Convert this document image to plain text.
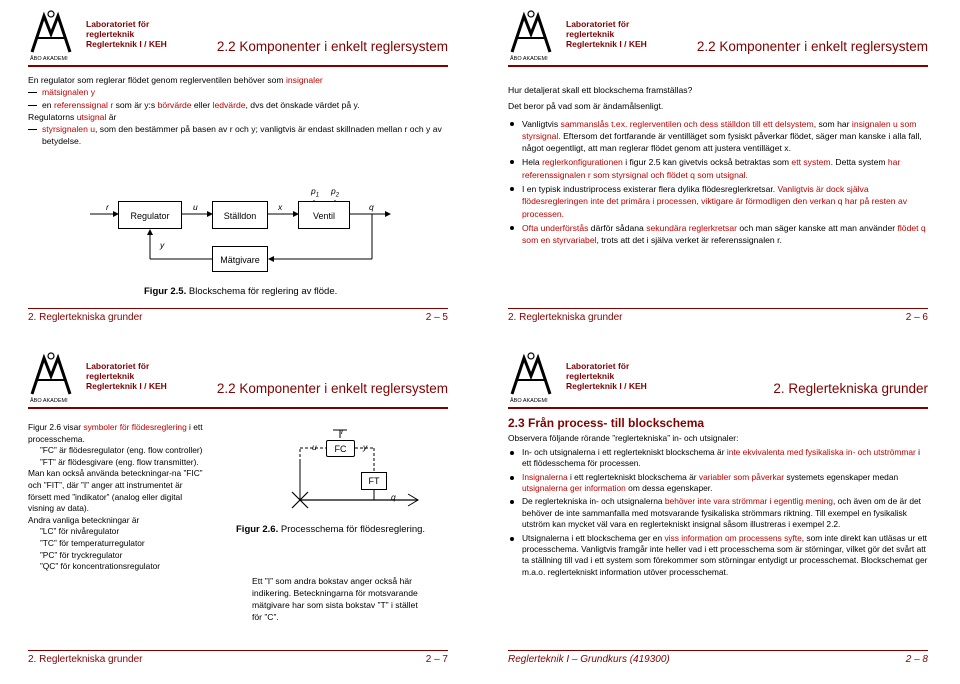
ÅBO AKADEMI
Laboratoriet för
reglerteknik
Reglerteknik I / KEH	2.2 Komponenter i enkelt reglersystem
En regulator som reglerar flödet genom reglerventilen behöver som insignaler
mätsignalen y
en referenssignal r som är y:s börvärde eller ledvärde, dvs det önskade värdet på y.
Regulatorns utsignal är
styrsignalen u, som den bestämmer på basen av r och y; vanligtvis är endast skillnaden mellan r och y av betydelse.
Regulator	Ställdon	Ventil
Mätgivare
r	u	x	q
y
$p_1$ $p_2$
Figur 2.5. Blockschema för reglering av flöde.
2. Reglertekniska grunder	2 – 5
ÅBO AKADEMI
Laboratoriet för
reglerteknik
Reglerteknik I / KEH	2.2 Komponenter i enkelt reglersystem
Hur detaljerat skall ett blockschema framställas?
Det beror på vad som är ändamålsenligt.
Vanligtvis sammanslås t.ex. reglerventilen och dess ställdon till ett delsystem, som har insignalen u som styrsignal. Eftersom det fortfarande är ventilläget som fysiskt påverkar flödet, säger man kanske i alla fall, något oegentligt, att man reglerar flödet genom att justera ventilläget x.
Hela reglerkonfigurationen i figur 2.5 kan givetvis också betraktas som ett system. Detta system har referenssignalen r som styrsignal och flödet q som utsignal.
I en typisk industriprocess existerar flera dylika flödesreglerkretsar. Vanligtvis är dock själva flödesregleringen inte det primära i processen, viktigare är förmodligen den verkan q har på resten av processen.
Ofta underförstås därför sådana sekundära reglerkretsar och man säger kanske att man använder flödet q som en styrvariabel, trots att det i själva verket är referenssignalen r.
2. Reglertekniska grunder	2 – 6
ÅBO AKADEMI
Laboratoriet för
reglerteknik
Reglerteknik I / KEH	2.2 Komponenter i enkelt reglersystem
Figur 2.6 visar symboler för flödesreglering i ett processchema.
”FC” är flödesregulator (eng. flow controller)
”FT” är flödesgivare (eng. flow transmitter).
Man kan också använda beteckningar-na ”FIC” och ”FIT”, där ”I” anger att instrumentet är försett med ”indikator” (analog eller digital visning av data).
Andra vanliga beteckningar är
”LC” för nivåregulator
”TC” för temperaturregulator
”PC” för tryckregulator
”QC” för koncentrationsregulator
FC
FT
u
r
y
q
Figur 2.6. Processchema för flödesreglering.
Ett ”I” som andra bokstav anger också här indikering. Beteckningarna för motsvarande mätgivare har som sista bokstav ”T” i stället för ”C”.
2. Reglertekniska grunder	2 – 7
ÅBO AKADEMI
Laboratoriet för
reglerteknik
Reglerteknik I / KEH	2. Reglertekniska grunder
2.3 Från process- till blockschema
Observera följande rörande ”reglertekniska” in- och utsignaler:
In- och utsignalerna i ett reglertekniskt blockschema är inte ekvivalenta med fysikaliska in- och utströmmar i ett flödesschema för processen.
Insignalerna i ett reglertekniskt blockschema är variabler som påverkar systemets egenskaper medan utsignalerna ger information om dessa egenskaper.
De reglertekniska in- och utsignalerna behöver inte vara strömmar i egentlig mening, och även om de är det behöver de inte sammanfalla med motsvarande fysikaliska strömmars riktning. Till exempel en fysikalisk utström kan mycket väl vara en reglertekniskt insignal såsom illustreras i exempel 2.2.
Utsignalerna i ett blockschema ger en viss information om processens syfte, som inte direkt kan utläsas ur ett processchema. Vanligtvis framgår inte heller vad i ett processchema som är störningar, vilket gör det svårt att ta ställning till vad i ett system som förekommer som störningar entydigt ur processchemat. Blockschemat ger m.a.o. reglertekniskt information utöver processchemat.
Reglerteknik I – Grundkurs (419300)	2 – 8
